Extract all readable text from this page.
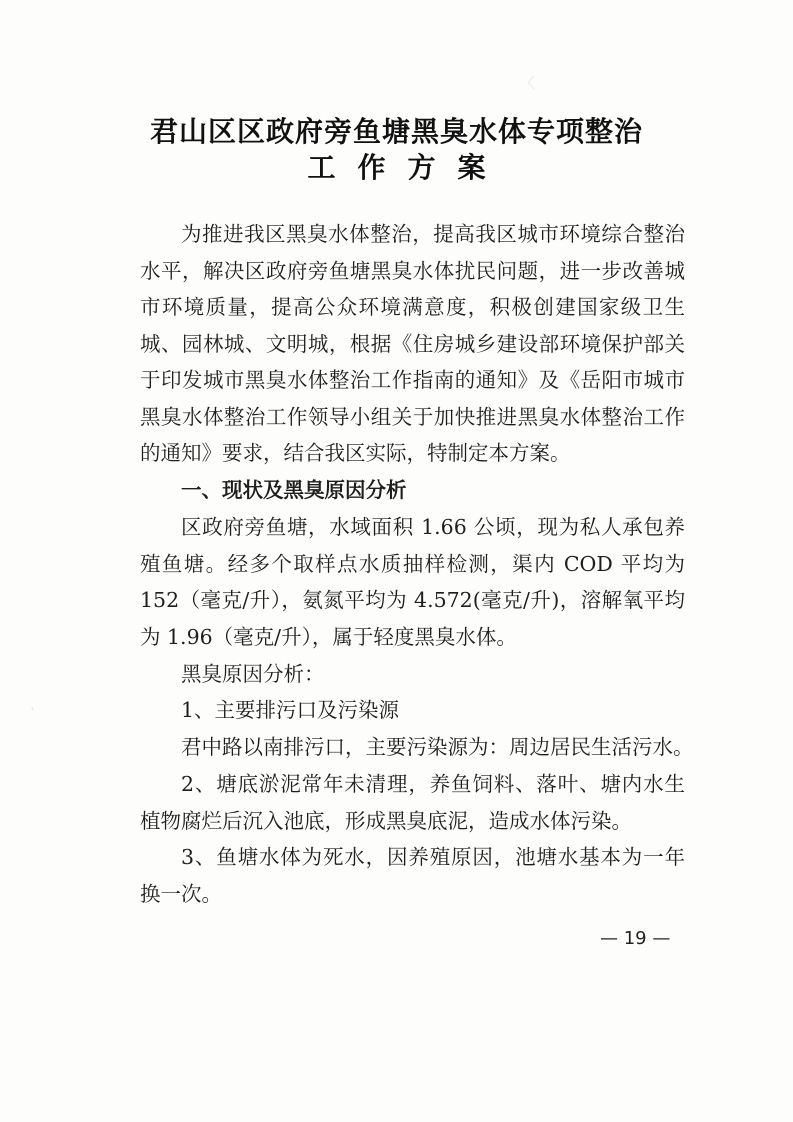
〈
·
君山区区政府旁鱼塘黑臭水体专项整治
工作方案

为推进我区黑臭水体整治，提高我区城市环境综合整治水平，解决区政府旁鱼塘黑臭水体扰民问题，进一步改善城市环境质量，提高公众环境满意度，积极创建国家级卫生城、园林城、文明城，根据《住房城乡建设部环境保护部关于印发城市黑臭水体整治工作指南的通知》及《岳阳市城市黑臭水体整治工作领导小组关于加快推进黑臭水体整治工作的通知》要求，结合我区实际，特制定本方案。

一、现状及黑臭原因分析

区政府旁鱼塘，水域面积 1.66 公顷，现为私人承包养殖鱼塘。经多个取样点水质抽样检测，渠内 COD 平均为 152（毫克/升），氨氮平均为 4.572(毫克/升)，溶解氧平均为 1.96（毫克/升），属于轻度黑臭水体。

黑臭原因分析：

1、主要排污口及污染源

君中路以南排污口，主要污染源为：周边居民生活污水。

2、塘底淤泥常年未清理，养鱼饲料、落叶、塘内水生植物腐烂后沉入池底，形成黑臭底泥，造成水体污染。

3、鱼塘水体为死水，因养殖原因，池塘水基本为一年换一次。

— 19 —
